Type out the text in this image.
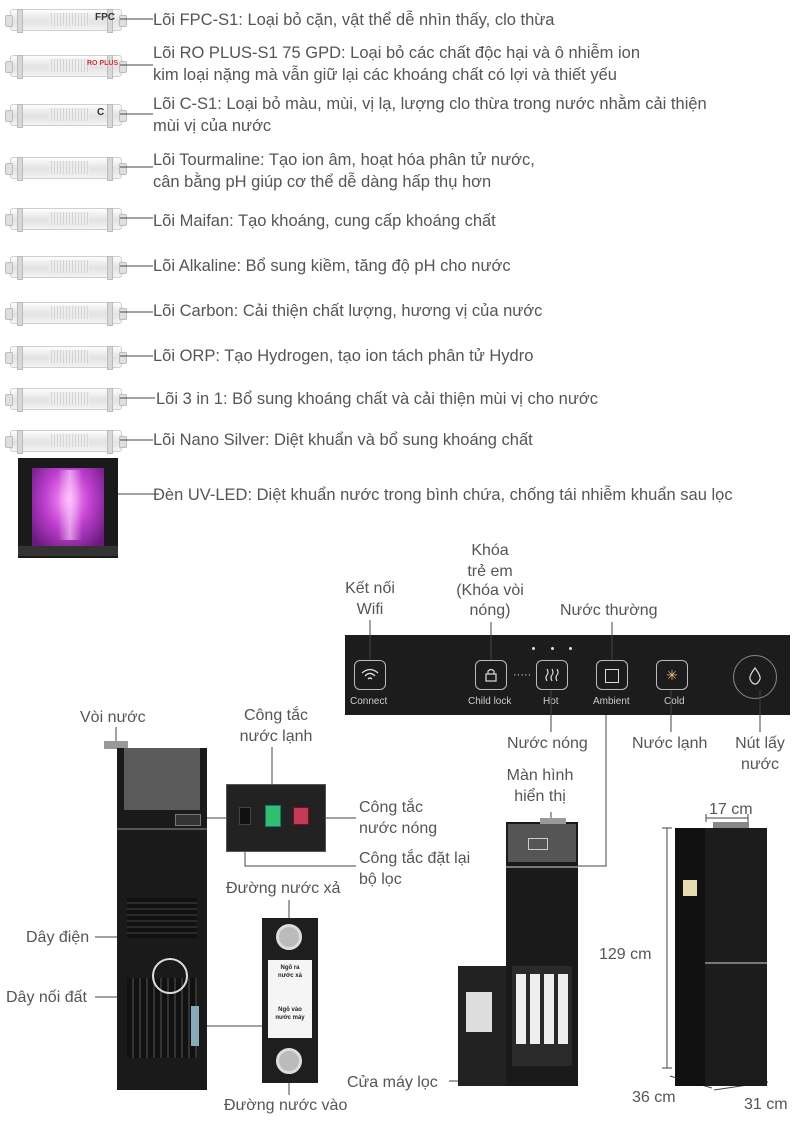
FPC
RO PLUS
C
Lõi FPC-S1: Loại bỏ cặn, vật thể dễ nhìn thấy, clo thừa
Lõi RO PLUS-S1 75 GPD: Loại bỏ các chất độc hại và ô nhiễm ion
kim loại nặng mà vẫn giữ lại các khoáng chất có lợi và thiết yếu
Lõi C-S1: Loại bỏ màu, mùi, vị lạ, lượng clo thừa trong nước nhằm cải thiện
mùi vị của nước
Lõi Tourmaline: Tạo ion âm, hoạt hóa phân tử nước,
cân bằng pH giúp cơ thể dễ dàng hấp thụ hơn
Lõi Maifan: Tạo khoáng, cung cấp khoáng chất
Lõi Alkaline: Bổ sung kiềm, tăng độ pH cho nước
Lõi Carbon: Cải thiện chất lượng, hương vị của nước
Lõi ORP: Tạo Hydrogen, tạo ion tách phân tử Hydro
Lõi 3 in 1: Bổ sung khoáng chất và cải thiện mùi vị cho nước
Lõi Nano Silver: Diệt khuẩn và bổ sung khoáng chất
Đèn UV-LED: Diệt khuẩn nước trong bình chứa, chống tái nhiễm khuẩn sau lọc
Connect	Child lock
·····
Hot	Ambient
✳
Cold
Kết nối
Wifi
Khóa
trẻ em
(Khóa vòi
nóng)	Nước thường
Nước nóng	Nước lạnh	Nút lấy
nước
Vòi nước
Dây điện
Dây nối đất
Công tắc
nước lạnh
Công tắc
nước nóng
Công tắc đặt lại
bộ lọc
Đường nước xả
Ngõ ra
nước xả
Ngõ vào
nước máy
Đường nước vào
Màn hình
hiển thị
Cửa máy lọc
17 cm
129 cm
36 cm	31 cm
